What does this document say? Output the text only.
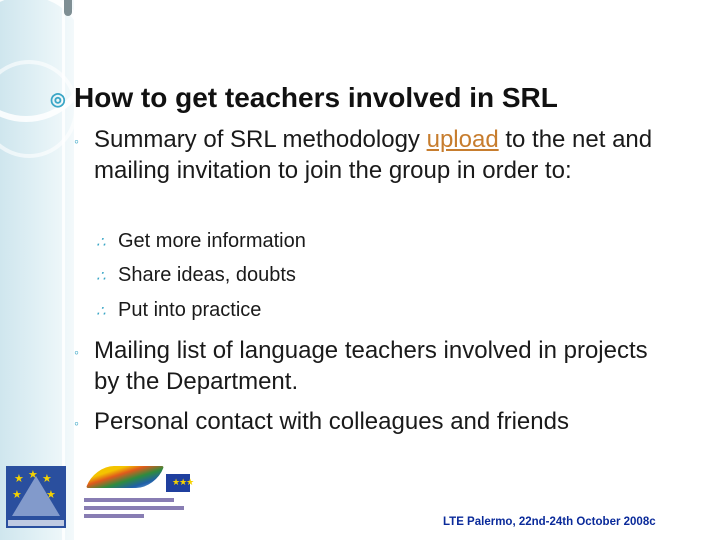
◎ How to get teachers involved in SRL
◦ Summary of SRL methodology upload to the net and mailing invitation to join the group in order to:
∴ Get more information
∴ Share ideas, doubts
∴ Put into practice
◦ Mailing list of language teachers involved in projects by the Department.
◦ Personal contact with colleagues and friends
★ ★ ★
★ ★
★★★
LTE Palermo, 22nd-24th October 2008c
